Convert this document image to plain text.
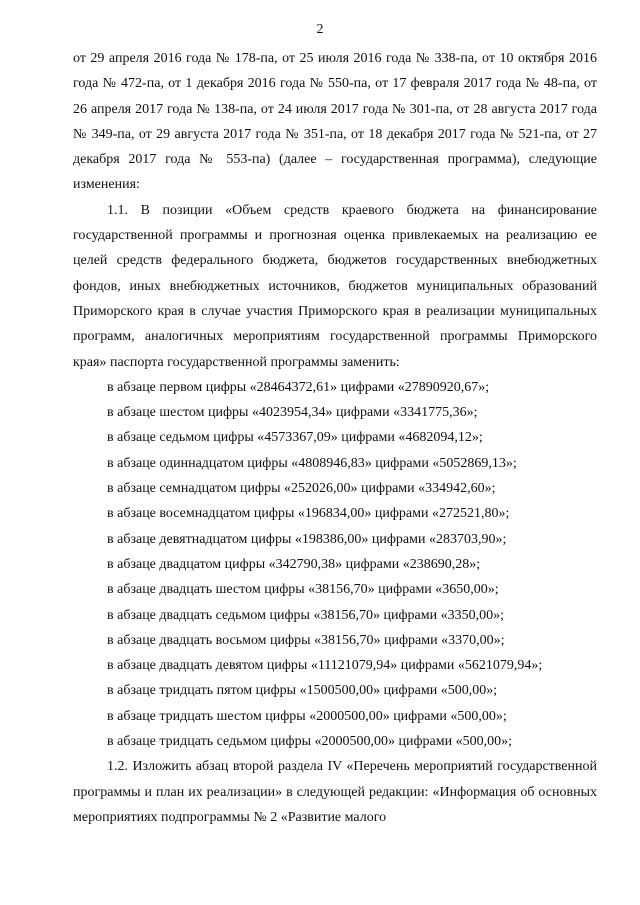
2

от 29 апреля 2016 года № 178-па, от 25 июля 2016 года № 338-па, от 10 октября 2016 года № 472-па, от 1 декабря 2016 года № 550-па, от 17 февраля 2017 года № 48-па, от 26 апреля 2017 года № 138-па, от 24 июля 2017 года № 301-па, от 28 августа 2017 года № 349-па, от 29 августа 2017 года № 351-па, от 18 декабря 2017 года № 521-па, от 27 декабря 2017 года № 553-па) (далее – государственная программа), следующие изменения:

1.1. В позиции «Объем средств краевого бюджета на финансирование государственной программы и прогнозная оценка привлекаемых на реализацию ее целей средств федерального бюджета, бюджетов государственных внебюджетных фондов, иных внебюджетных источников, бюджетов муниципальных образований Приморского края в случае участия Приморского края в реализации муниципальных программ, аналогичных мероприятиям государственной программы Приморского края» паспорта государственной программы заменить:

в абзаце первом цифры «28464372,61» цифрами «27890920,67»;

в абзаце шестом цифры «4023954,34» цифрами «3341775,36»;

в абзаце седьмом цифры «4573367,09» цифрами «4682094,12»;

в абзаце одиннадцатом цифры «4808946,83» цифрами «5052869,13»;

в абзаце семнадцатом цифры «252026,00» цифрами «334942,60»;

в абзаце восемнадцатом цифры «196834,00» цифрами «272521,80»;

в абзаце девятнадцатом цифры «198386,00» цифрами «283703,90»;

в абзаце двадцатом цифры «342790,38» цифрами «238690,28»;

в абзаце двадцать шестом цифры «38156,70» цифрами «3650,00»;

в абзаце двадцать седьмом цифры «38156,70» цифрами «3350,00»;

в абзаце двадцать восьмом цифры «38156,70» цифрами «3370,00»;

в абзаце двадцать девятом цифры «11121079,94» цифрами «5621079,94»;

в абзаце тридцать пятом цифры «1500500,00» цифрами «500,00»;

в абзаце тридцать шестом цифры «2000500,00» цифрами «500,00»;

в абзаце тридцать седьмом цифры «2000500,00» цифрами «500,00»;

1.2. Изложить абзац второй раздела IV «Перечень мероприятий государственной программы и план их реализации» в следующей редакции: «Информация об основных мероприятиях подпрограммы № 2 «Развитие малого
